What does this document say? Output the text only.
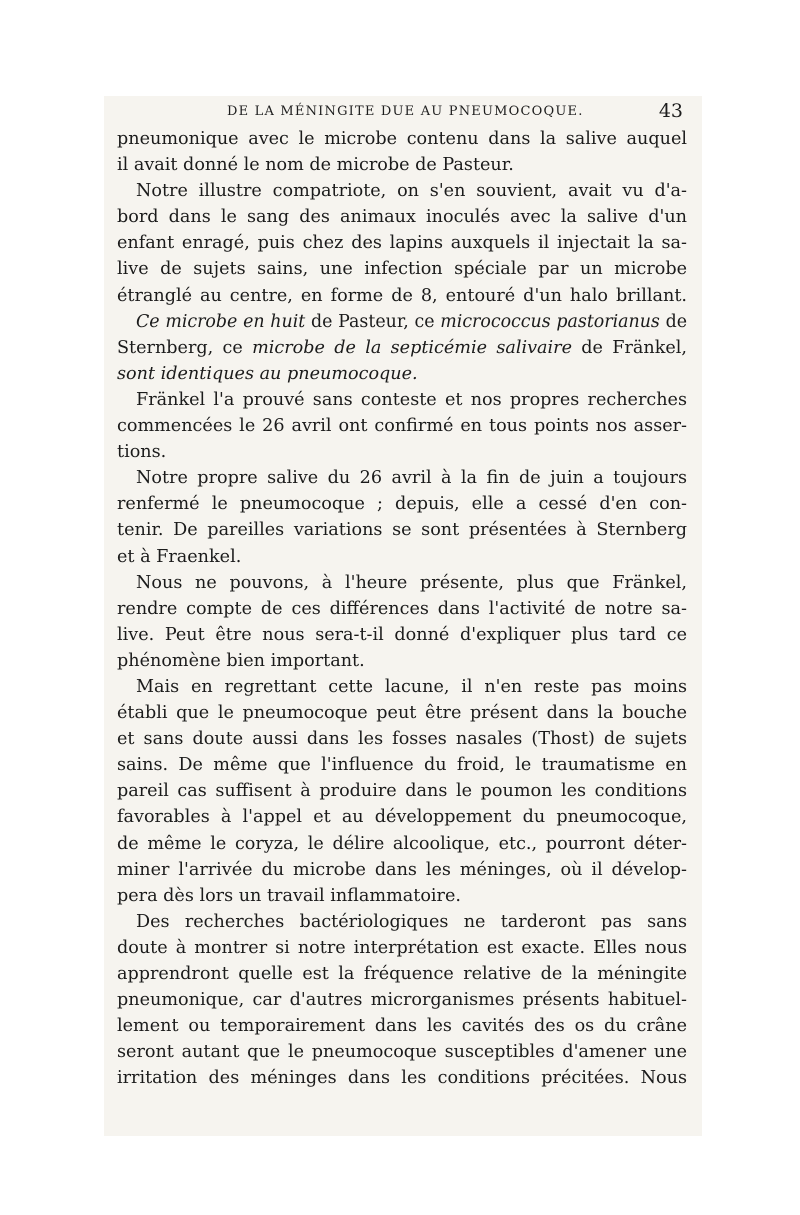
DE LA MÉNINGITE DUE AU PNEUMOCOQUE.	43
pneumonique avec le microbe contenu dans la salive auquel
il avait donné le nom de microbe de Pasteur.
Notre illustre compatriote, on s'en souvient, avait vu d'a-
bord dans le sang des animaux inoculés avec la salive d'un
enfant enragé, puis chez des lapins auxquels il injectait la sa-
live de sujets sains, une infection spéciale par un microbe
étranglé au centre, en forme de 8, entouré d'un halo brillant.
Ce microbe en huit de Pasteur, ce micrococcus pastorianus de
Sternberg, ce microbe de la septicémie salivaire de Fränkel,
sont identiques au pneumocoque.
Fränkel l'a prouvé sans conteste et nos propres recherches
commencées le 26 avril ont confirmé en tous points nos asser-
tions.
Notre propre salive du 26 avril à la fin de juin a toujours
renfermé le pneumocoque ; depuis, elle a cessé d'en con-
tenir. De pareilles variations se sont présentées à Sternberg
et à Fraenkel.
Nous ne pouvons, à l'heure présente, plus que Fränkel,
rendre compte de ces différences dans l'activité de notre sa-
live. Peut être nous sera-t-il donné d'expliquer plus tard ce
phénomène bien important.
Mais en regrettant cette lacune, il n'en reste pas moins
établi que le pneumocoque peut être présent dans la bouche
et sans doute aussi dans les fosses nasales (Thost) de sujets
sains. De même que l'influence du froid, le traumatisme en
pareil cas suffisent à produire dans le poumon les conditions
favorables à l'appel et au développement du pneumocoque,
de même le coryza, le délire alcoolique, etc., pourront déter-
miner l'arrivée du microbe dans les méninges, où il dévelop-
pera dès lors un travail inflammatoire.
Des recherches bactériologiques ne tarderont pas sans
doute à montrer si notre interprétation est exacte. Elles nous
apprendront quelle est la fréquence relative de la méningite
pneumonique, car d'autres microrganismes présents habituel-
lement ou temporairement dans les cavités des os du crâne
seront autant que le pneumocoque susceptibles d'amener une
irritation des méninges dans les conditions précitées. Nous
